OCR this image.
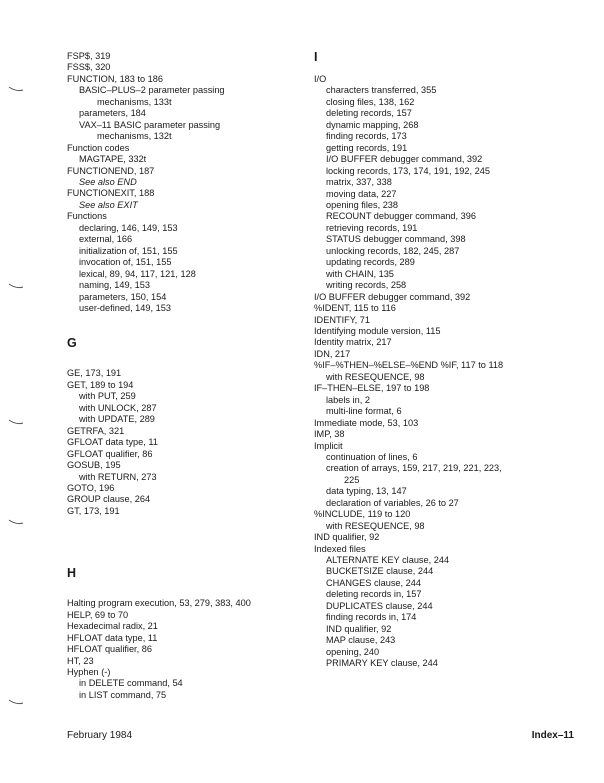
FSP$, 319
FSS$, 320
FUNCTION, 183 to 186
BASIC–PLUS–2 parameter passing
mechanisms, 133t
parameters, 184
VAX–11 BASIC parameter passing
mechanisms, 132t
Function codes
MAGTAPE, 332t
FUNCTIONEND, 187
See also END
FUNCTIONEXIT, 188
See also EXIT
Functions
declaring, 146, 149, 153
external, 166
initialization of, 151, 155
invocation of, 151, 155
lexical, 89, 94, 117, 121, 128
naming, 149, 153
parameters, 150, 154
user-defined, 149, 153
G
GE, 173, 191
GET, 189 to 194
with PUT, 259
with UNLOCK, 287
with UPDATE, 289
GETRFA, 321
GFLOAT data type, 11
GFLOAT qualifier, 86
GOSUB, 195
with RETURN, 273
GOTO, 196
GROUP clause, 264
GT, 173, 191
H
Halting program execution, 53, 279, 383, 400
HELP, 69 to 70
Hexadecimal radix, 21
HFLOAT data type, 11
HFLOAT qualifier, 86
HT, 23
Hyphen (-)
in DELETE command, 54
in LIST command, 75
I
I/O
characters transferred, 355
closing files, 138, 162
deleting records, 157
dynamic mapping, 268
finding records, 173
getting records, 191
I/O BUFFER debugger command, 392
locking records, 173, 174, 191, 192, 245
matrix, 337, 338
moving data, 227
opening files, 238
RECOUNT debugger command, 396
retrieving records, 191
STATUS debugger command, 398
unlocking records, 182, 245, 287
updating records, 289
with CHAIN, 135
writing records, 258
I/O BUFFER debugger command, 392
%IDENT, 115 to 116
IDENTIFY, 71
Identifying module version, 115
Identity matrix, 217
IDN, 217
%IF–%THEN–%ELSE–%END %IF, 117 to 118
with RESEQUENCE, 98
IF–THEN–ELSE, 197 to 198
labels in, 2
multi-line format, 6
Immediate mode, 53, 103
IMP, 38
Implicit
continuation of lines, 6
creation of arrays, 159, 217, 219, 221, 223,
225
data typing, 13, 147
declaration of variables, 26 to 27
%INCLUDE, 119 to 120
with RESEQUENCE, 98
IND qualifier, 92
Indexed files
ALTERNATE KEY clause, 244
BUCKETSIZE clause, 244
CHANGES clause, 244
deleting records in, 157
DUPLICATES clause, 244
finding records in, 174
IND qualifier, 92
MAP clause, 243
opening, 240
PRIMARY KEY clause, 244
February 1984	Index–11
